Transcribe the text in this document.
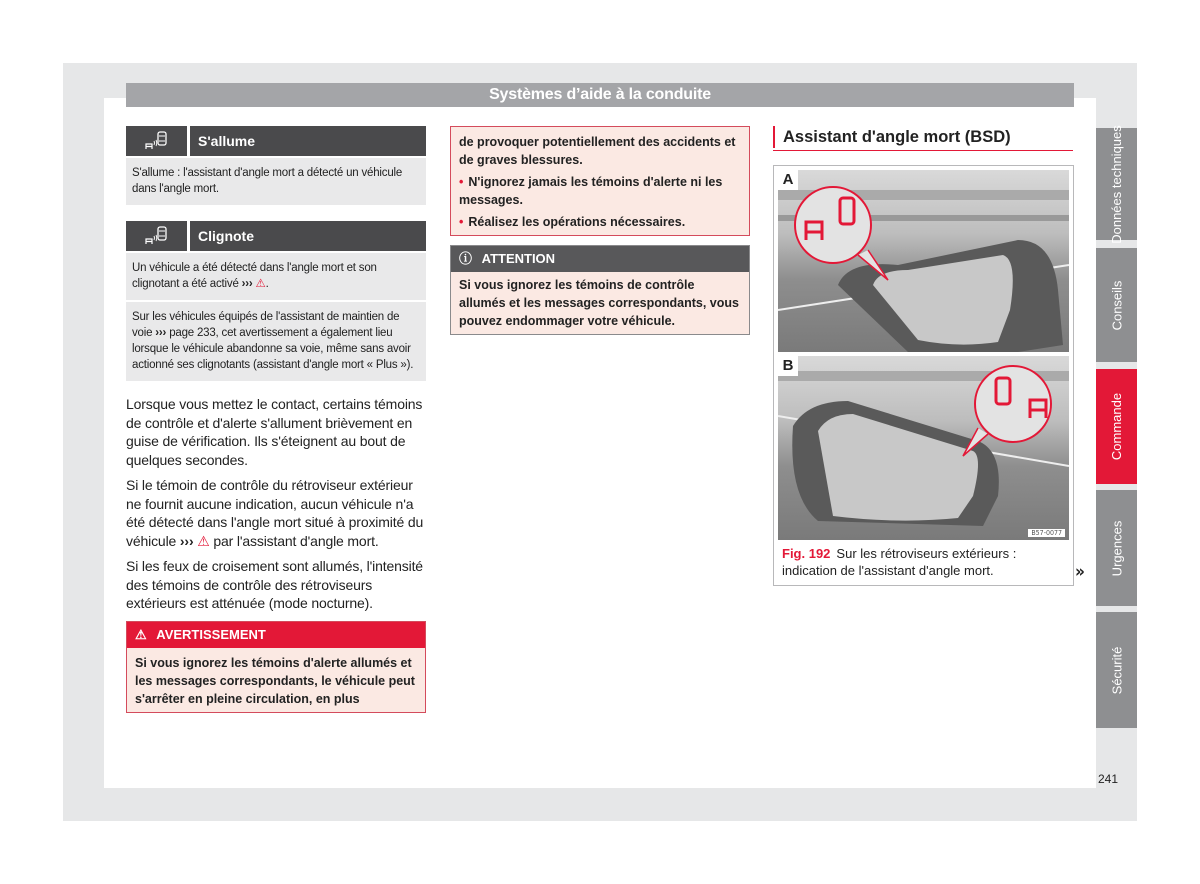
Systèmes d’aide à la conduite
S'allume
S'allume : l'assistant d'angle mort a détecté un véhicule dans l'angle mort.
Clignote
Un véhicule a été détecté dans l'angle mort et son clignotant a été activé ››› ⚠.
Sur les véhicules équipés de l'assistant de maintien de voie ››› page 233, cet avertissement a également lieu lorsque le véhicule abandonne sa voie, même sans avoir actionné ses clignotants (assistant d'angle mort « Plus »).

Lorsque vous mettez le contact, certains témoins de contrôle et d'alerte s'allument brièvement en guise de vérification. Ils s'éteignent au bout de quelques secondes.

Si le témoin de contrôle du rétroviseur extérieur ne fournit aucune indication, aucun véhicule n'a été détecté dans l'angle mort situé à proximité du véhicule ››› ⚠ par l'assistant d'angle mort.

Si les feux de croisement sont allumés, l'intensité des témoins de contrôle des rétroviseurs extérieurs est atténuée (mode nocturne).

⚠ AVERTISSEMENT
Si vous ignorez les témoins d'alerte allumés et les messages correspondants, le véhicule peut s'arrêter en pleine circulation, en plus
de provoquer potentiellement des accidents et de graves blessures.
• N'ignorez jamais les témoins d'alerte ni les messages.
• Réalisez les opérations nécessaires.
ⓘ ATTENTION
Si vous ignorez les témoins de contrôle allumés et les messages correspondants, vous pouvez endommager votre véhicule.
Assistant d'angle mort (BSD)
A
B
B57-0077
Fig. 192 Sur les rétroviseurs extérieurs : indication de l'assistant d'angle mort.	»
Données techniques
Conseils
Commande
Urgences
Sécurité
241
